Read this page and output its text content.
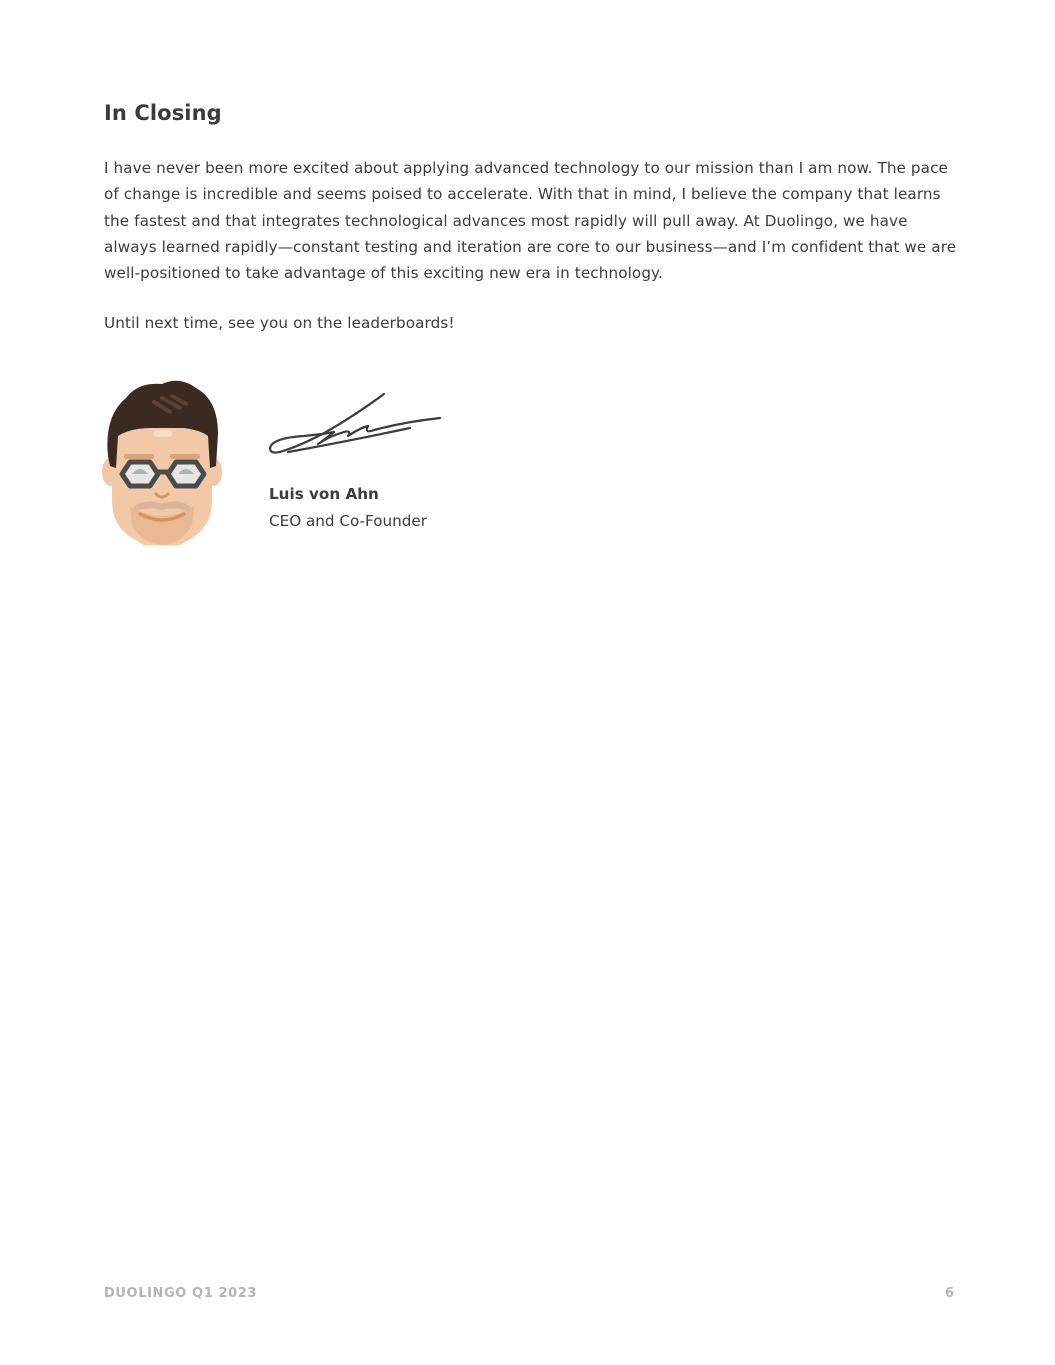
In Closing

I have never been more excited about applying advanced technology to our mission than I am now. The pace of change is incredible and seems poised to accelerate. With that in mind, I believe the company that learns the fastest and that integrates technological advances most rapidly will pull away. At Duolingo, we have always learned rapidly—constant testing and iteration are core to our business—and I’m confident that we are well-positioned to take advantage of this exciting new era in technology.

Until next time, see you on the leaderboards!

Luis von Ahn
CEO and Co-Founder
DUOLINGO Q1 2023	6
